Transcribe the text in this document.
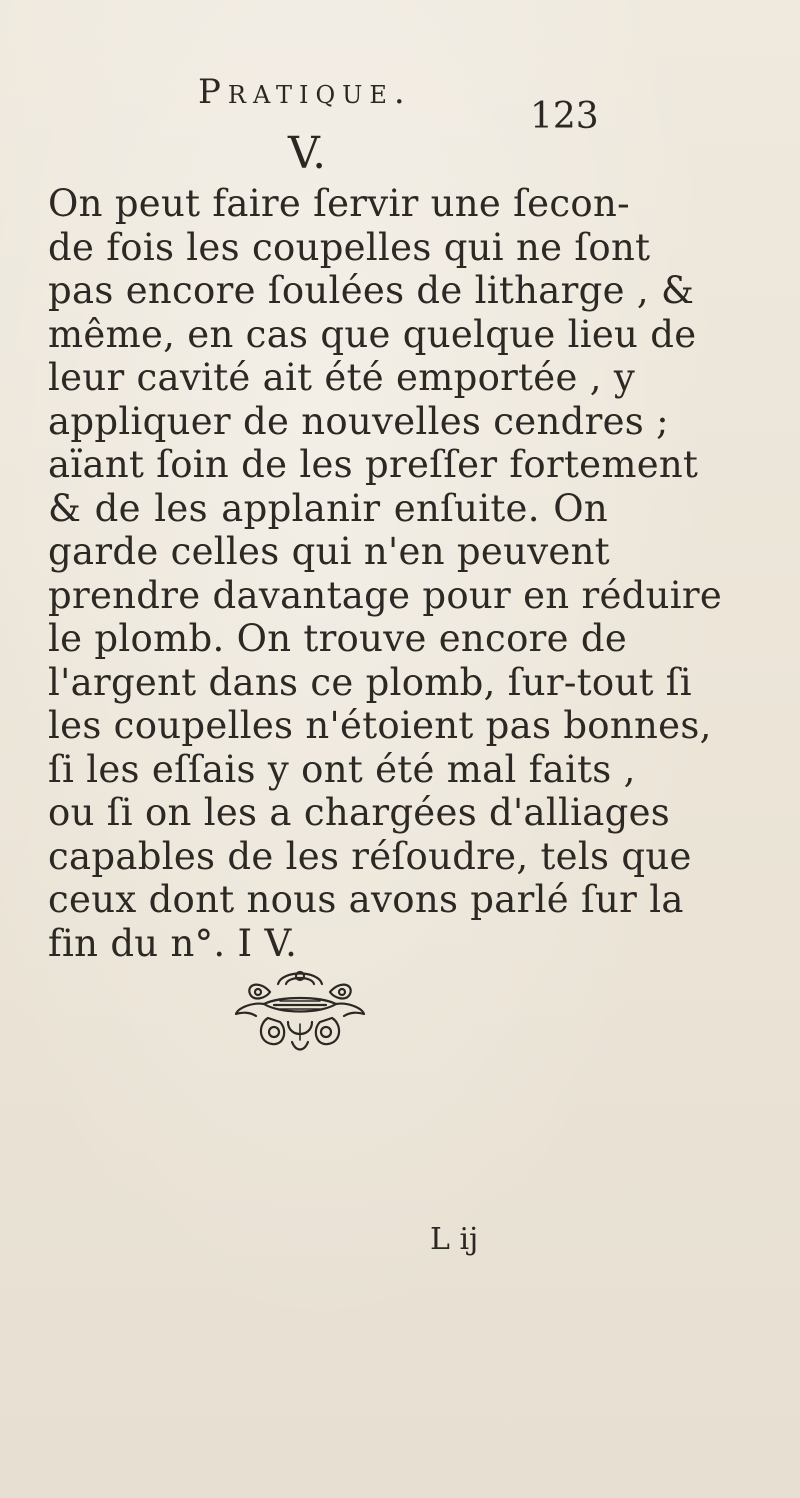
Pratique.
123
V.
On peut faire ſervir une ſecon-
de fois les coupelles qui ne ſont
pas encore ſoulées de litharge , &
même, en cas que quelque lieu de
leur cavité ait été emportée , y
appliquer de nouvelles cendres ;
aïant ſoin de les preſſer fortement
& de les applanir enſuite. On
garde celles qui n'en peuvent
prendre davantage pour en réduire
le plomb. On trouve encore de
l'argent dans ce plomb, ſur-tout ſi
les coupelles n'étoient pas bonnes,
ſi les eſſais y ont été mal faits ,
ou ſi on les a chargées d'alliages
capables de les réſoudre, tels que
ceux dont nous avons parlé ſur la
fin du n°. I V.
L ij
